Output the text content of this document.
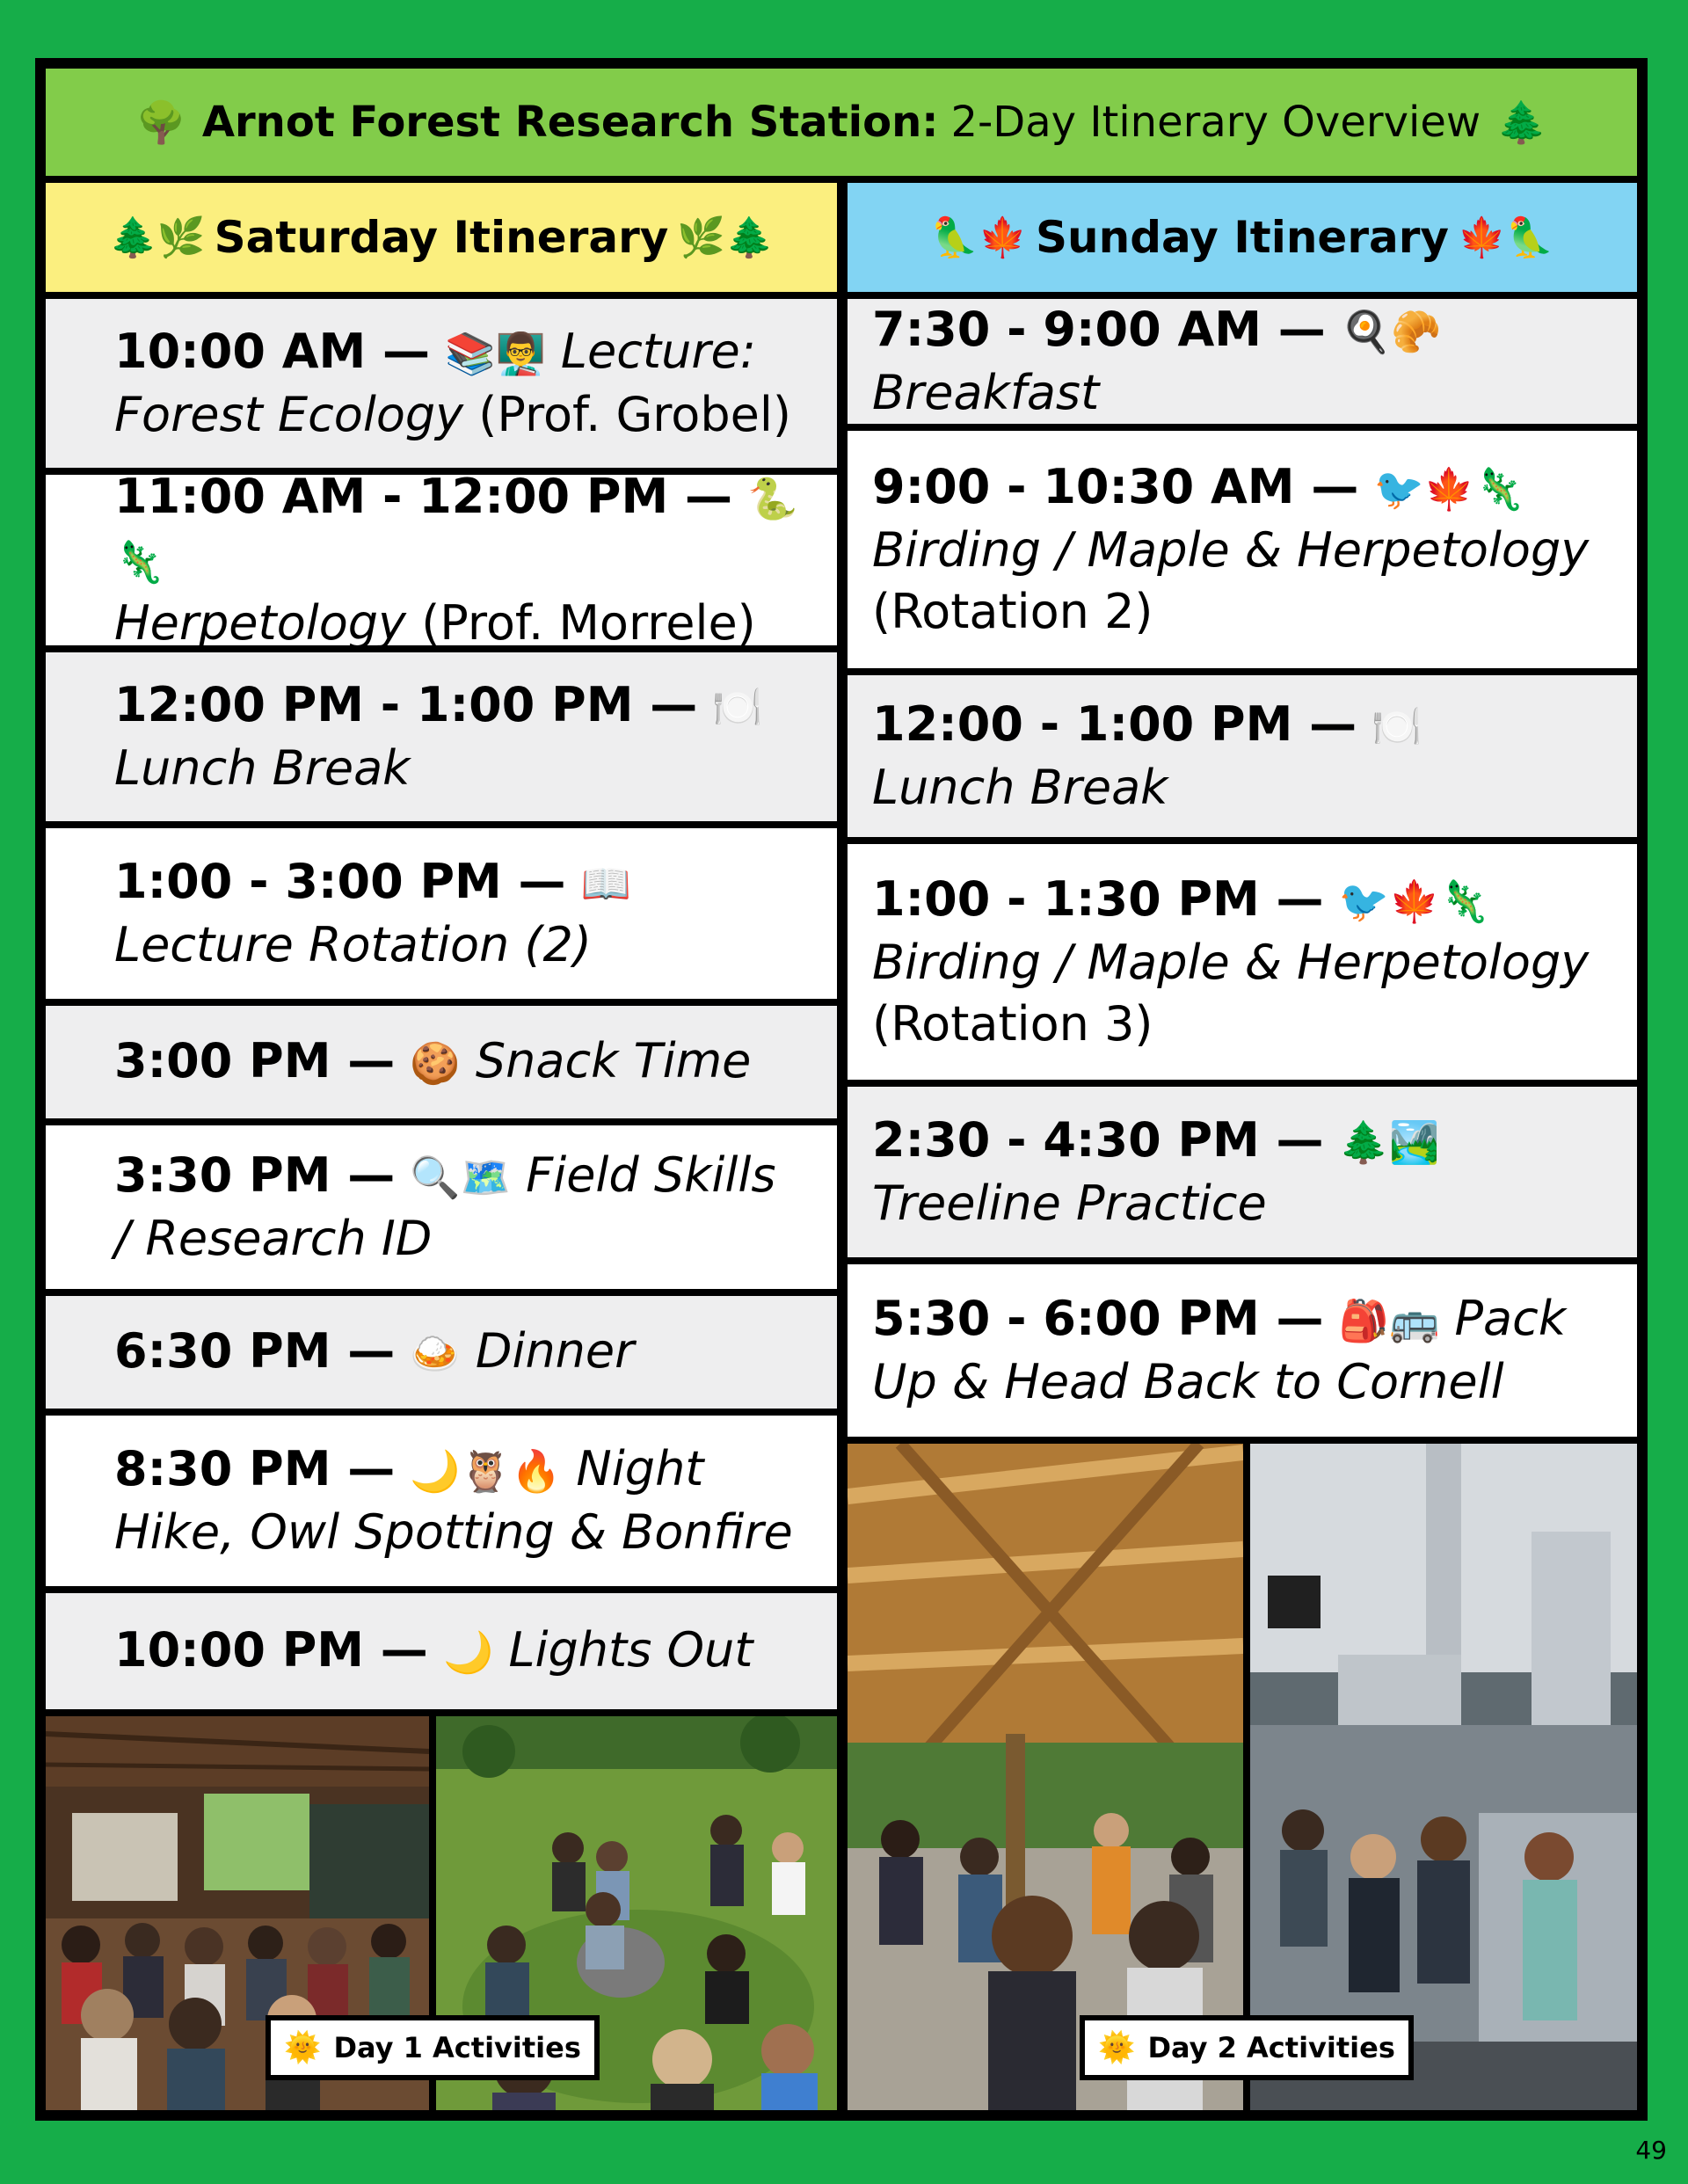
🌳 Arnot Forest Research Station: 2-Day Itinerary Overview 🌲
🌲🌿 Saturday Itinerary 🌿🌲	🦜🍁 Sunday Itinerary 🍁🦜
10:00 AM — 📚👨‍🏫 Lecture:
Forest Ecology (Prof. Grobel)
11:00 AM - 12:00 PM — 🐍🦎
Herpetology (Prof. Morrele)
12:00 PM - 1:00 PM — 🍽️
Lunch Break
1:00 - 3:00 PM — 📖 Lecture Rotation (2)
3:00 PM — 🍪 Snack Time
3:30 PM — 🔍🗺️ Field Skills / Research ID
6:30 PM — 🍛 Dinner
8:30 PM — 🌙🦉🔥 Night Hike, Owl Spotting & Bonfire
10:00 PM — 🌙 Lights Out
7:30 - 9:00 AM — 🍳🥐 Breakfast
9:00 - 10:30 AM — 🐦🍁🦎
Birding / Maple & Herpetology
(Rotation 2)
12:00 - 1:00 PM — 🍽️ Lunch Break
1:00 - 1:30 PM — 🐦🍁🦎
Birding / Maple & Herpetology
(Rotation 3)
2:30 - 4:30 PM — 🌲🏞️ Treeline Practice
5:30 - 6:00 PM — 🎒🚌 Pack Up & Head Back to Cornell
🌞 Day 1 Activities	🌞 Day 2 Activities
49
